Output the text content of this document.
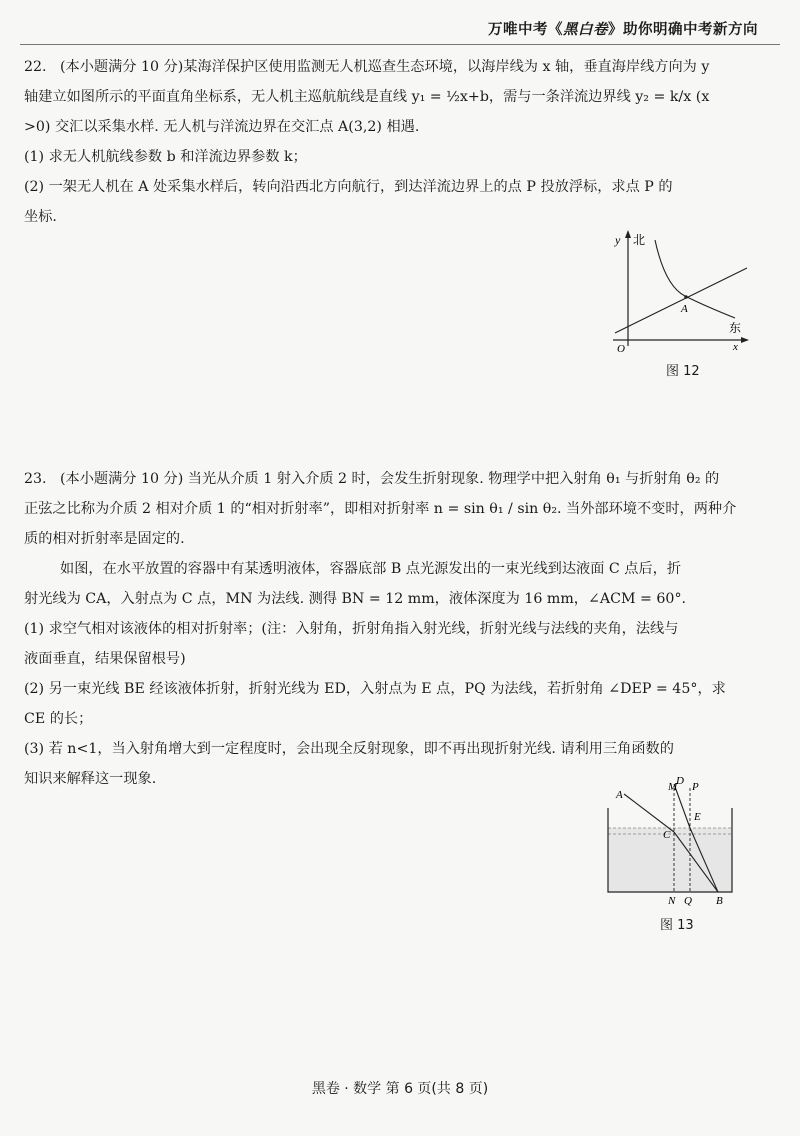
万唯中考《黑白卷》助你明确中考新方向

22. (本小题满分 10 分)某海洋保护区使用监测无人机巡查生态环境，以海岸线为 x 轴，垂直海岸线方向为 y

轴建立如图所示的平面直角坐标系，无人机主巡航航线是直线 y₁ = ½x+b，需与一条洋流边界线 y₂ = k/x (x

>0) 交汇以采集水样. 无人机与洋流边界在交汇点 A(3,2) 相遇.

(1) 求无人机航线参数 b 和洋流边界参数 k；

(2) 一架无人机在 A 处采集水样后，转向沿西北方向航行，到达洋流边界上的点 P 投放浮标，求点 P 的

坐标.

y 北
A
东
x
O
图 12

23. (本小题满分 10 分) 当光从介质 1 射入介质 2 时，会发生折射现象. 物理学中把入射角 θ₁ 与折射角 θ₂ 的

正弦之比称为介质 2 相对介质 1 的“相对折射率”，即相对折射率 n = sin θ₁ / sin θ₂. 当外部环境不变时，两种介

质的相对折射率是固定的.

如图，在水平放置的容器中有某透明液体，容器底部 B 点光源发出的一束光线到达液面 C 点后，折

射光线为 CA，入射点为 C 点，MN 为法线. 测得 BN = 12 mm，液体深度为 16 mm，∠ACM = 60°.

(1) 求空气相对该液体的相对折射率；(注：入射角，折射角指入射光线，折射光线与法线的夹角，法线与

液面垂直，结果保留根号)

(2) 另一束光线 BE 经该液体折射，折射光线为 ED，入射点为 E 点，PQ 为法线，若折射角 ∠DEP = 45°，求

CE 的长；

(3) 若 n<1，当入射角增大到一定程度时，会出现全反射现象，即不再出现折射光线. 请利用三角函数的

知识来解释这一现象.

A
D
M P
E
C
N Q B
图 13
黑卷 · 数学 第 6 页(共 8 页)
